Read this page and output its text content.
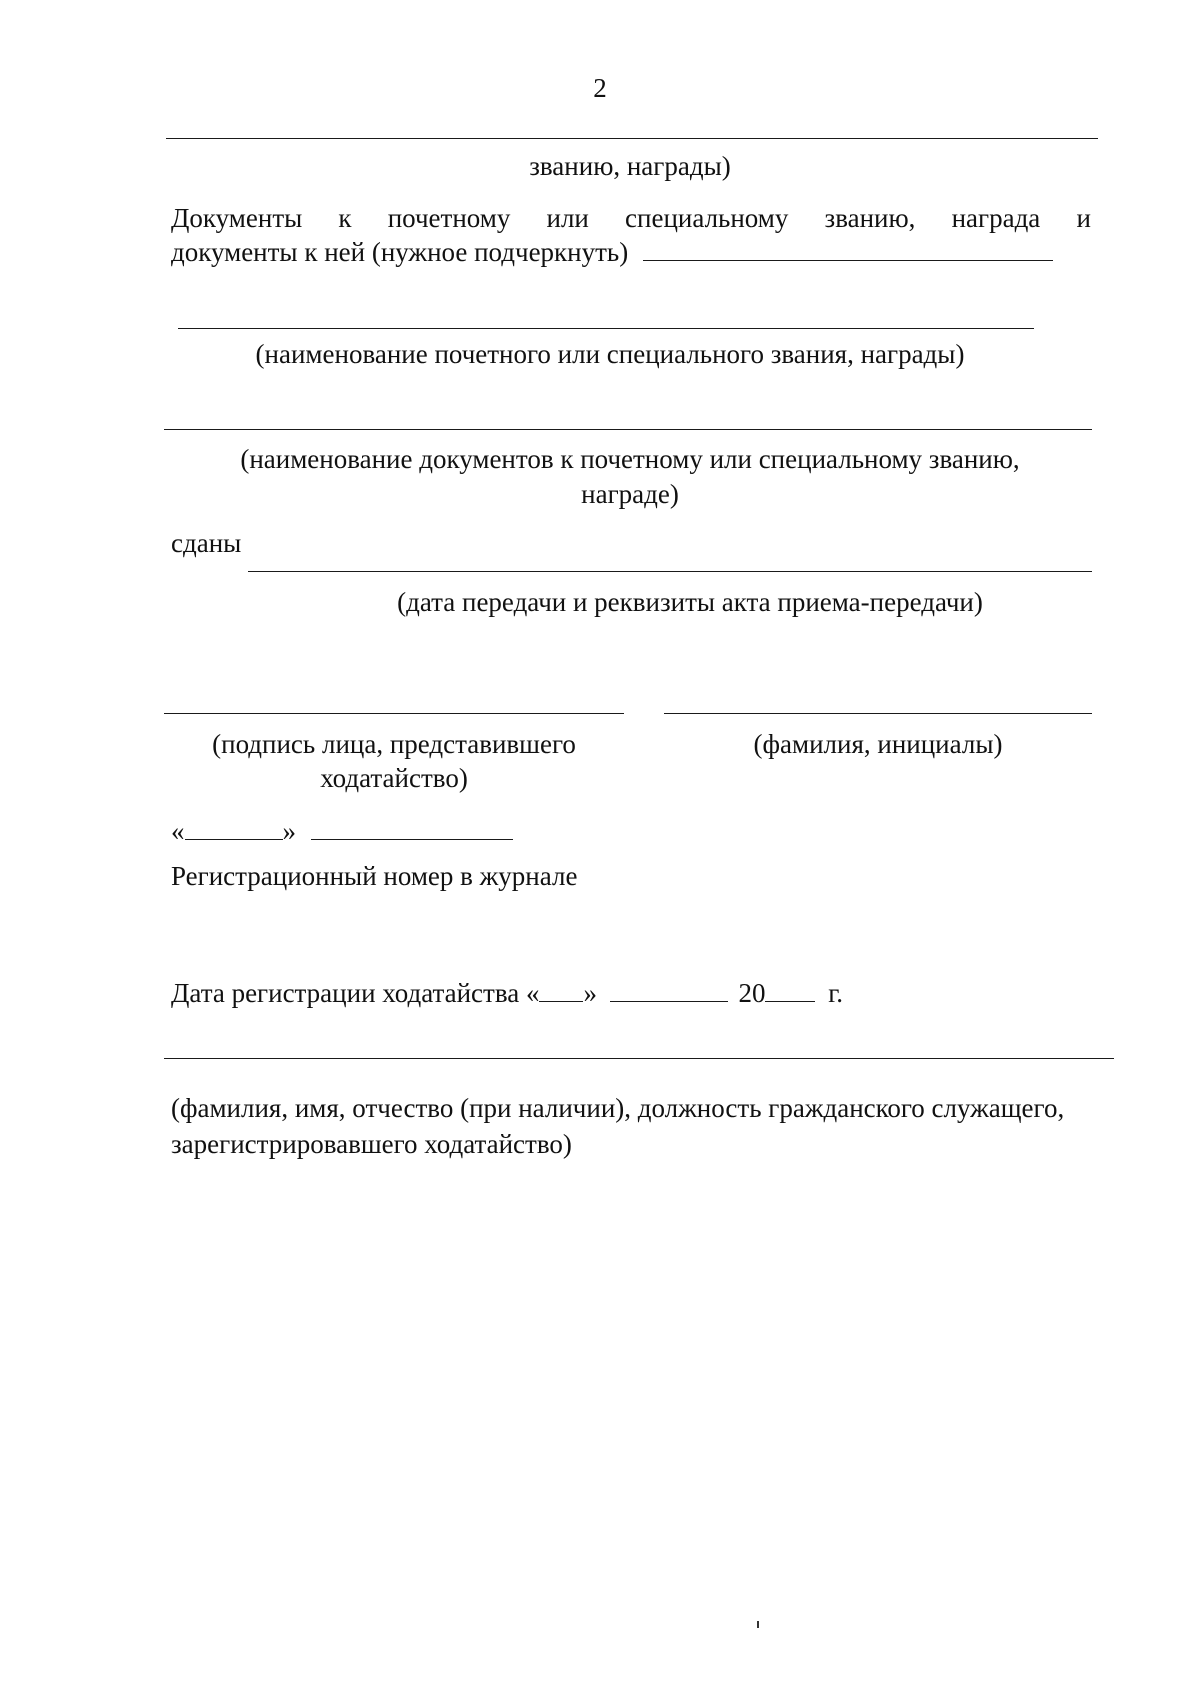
2
званию, награды)
Документы к почетному или специальному званию, награда и
документы к ней (нужное подчеркнуть)
(наименование почетного или специального звания, награды)
(наименование документов к почетному или специальному званию,
награде)
сданы
(дата передачи и реквизиты акта приема-передачи)
(подпись лица, представившего
ходатайство)
(фамилия, инициалы)
«	»
Регистрационный номер в журнале
Дата регистрации ходатайства « »	20 г.
(фамилия, имя, отчество (при наличии), должность гражданского служащего,
зарегистрировавшего ходатайство)
